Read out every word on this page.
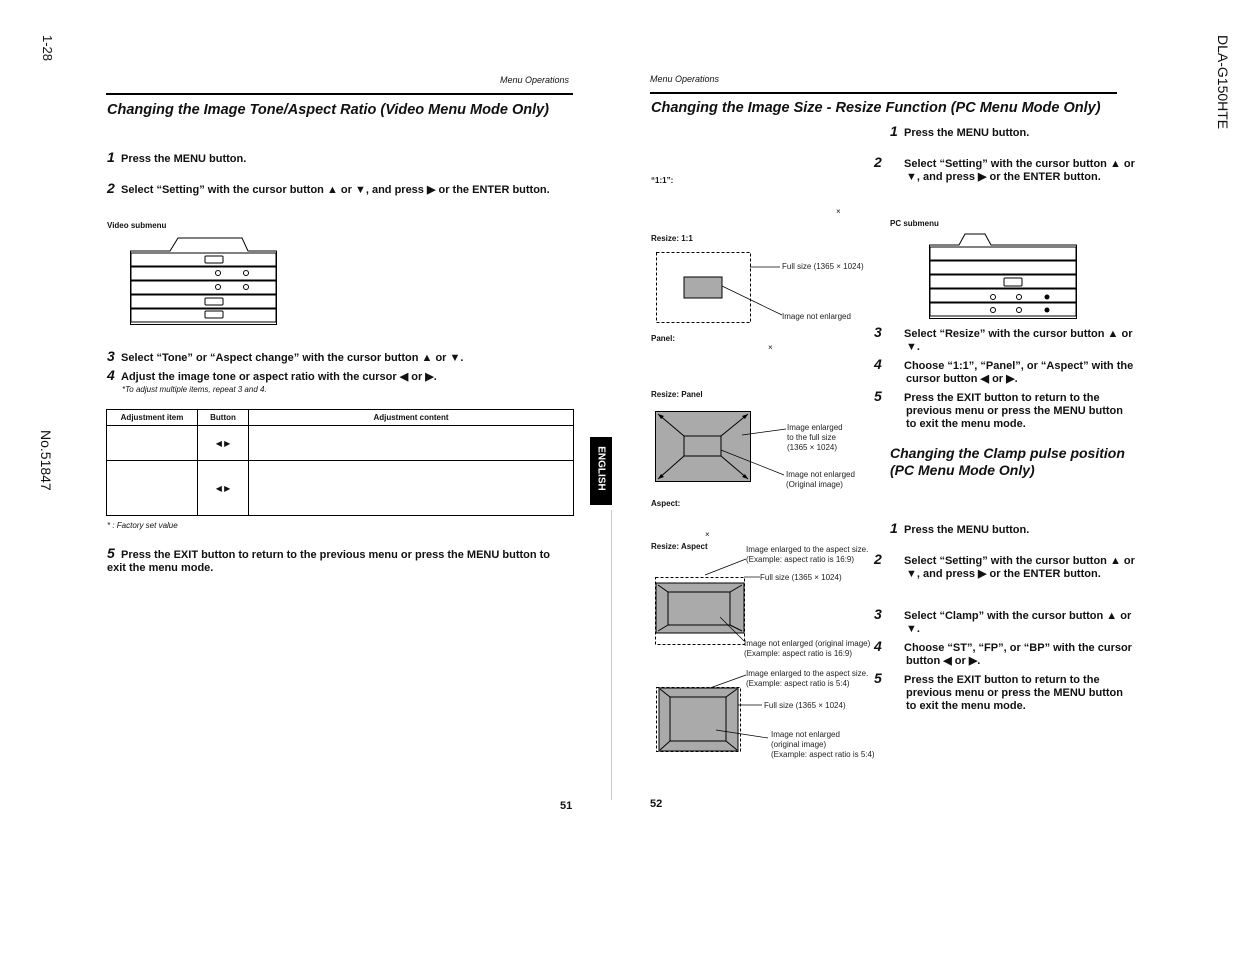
1-28
No.51847
DLA-G150HTE
Menu Operations
Changing the Image Tone/Aspect Ratio (Video Menu Mode Only)
1 Press the MENU button.
2 Select “Setting” with the cursor button ▲ or ▼, and press ▶ or the ENTER button.
Video submenu
3 Select “Tone” or “Aspect change” with the cursor button ▲ or ▼.
4 Adjust the image tone or aspect ratio with the cursor ◀ or ▶.
*To adjust multiple items, repeat 3 and 4.
Adjustment item	Button	Adjustment content
	◀ ▶	
	◀ ▶	
* : Factory set value
5 Press the EXIT button to return to the previous menu or press the MENU button to exit the menu mode.
51
ENGLISH
Menu Operations
Changing the Image Size - Resize Function (PC Menu Mode Only)
“1:1”:
×
Resize: 1:1
Full size (1365 × 1024)
Image not enlarged
Panel:
×
Resize: Panel
Image enlarged
to the full size
(1365 × 1024)
Image not enlarged
(Original image)
Aspect:
×
Resize: Aspect	Image enlarged to the aspect size.
(Example: aspect ratio is 16:9)
Full size (1365 × 1024)
Image not enlarged (original image)
(Example: aspect ratio is 16:9)
Image enlarged to the aspect size.
(Example: aspect ratio is 5:4)
Full size (1365 × 1024)
Image not enlarged
(original image)
(Example: aspect ratio is 5:4)
1 Press the MENU button.
2 Select “Setting” with the cursor button ▲ or ▼, and press ▶ or the ENTER button.
PC submenu
3 Select “Resize” with the cursor button ▲ or ▼.
4 Choose “1:1”, “Panel”, or “Aspect” with the cursor button ◀ or ▶.
5 Press the EXIT button to return to the previous menu or press the MENU button to exit the menu mode.
Changing the Clamp pulse position (PC Menu Mode Only)
1 Press the MENU button.
2 Select “Setting” with the cursor button ▲ or ▼, and press ▶ or the ENTER button.
3 Select “Clamp” with the cursor button ▲ or ▼.
4 Choose “ST”, “FP”, or “BP” with the cursor button ◀ or ▶.
5 Press the EXIT button to return to the previous menu or press the MENU button to exit the menu mode.
52
